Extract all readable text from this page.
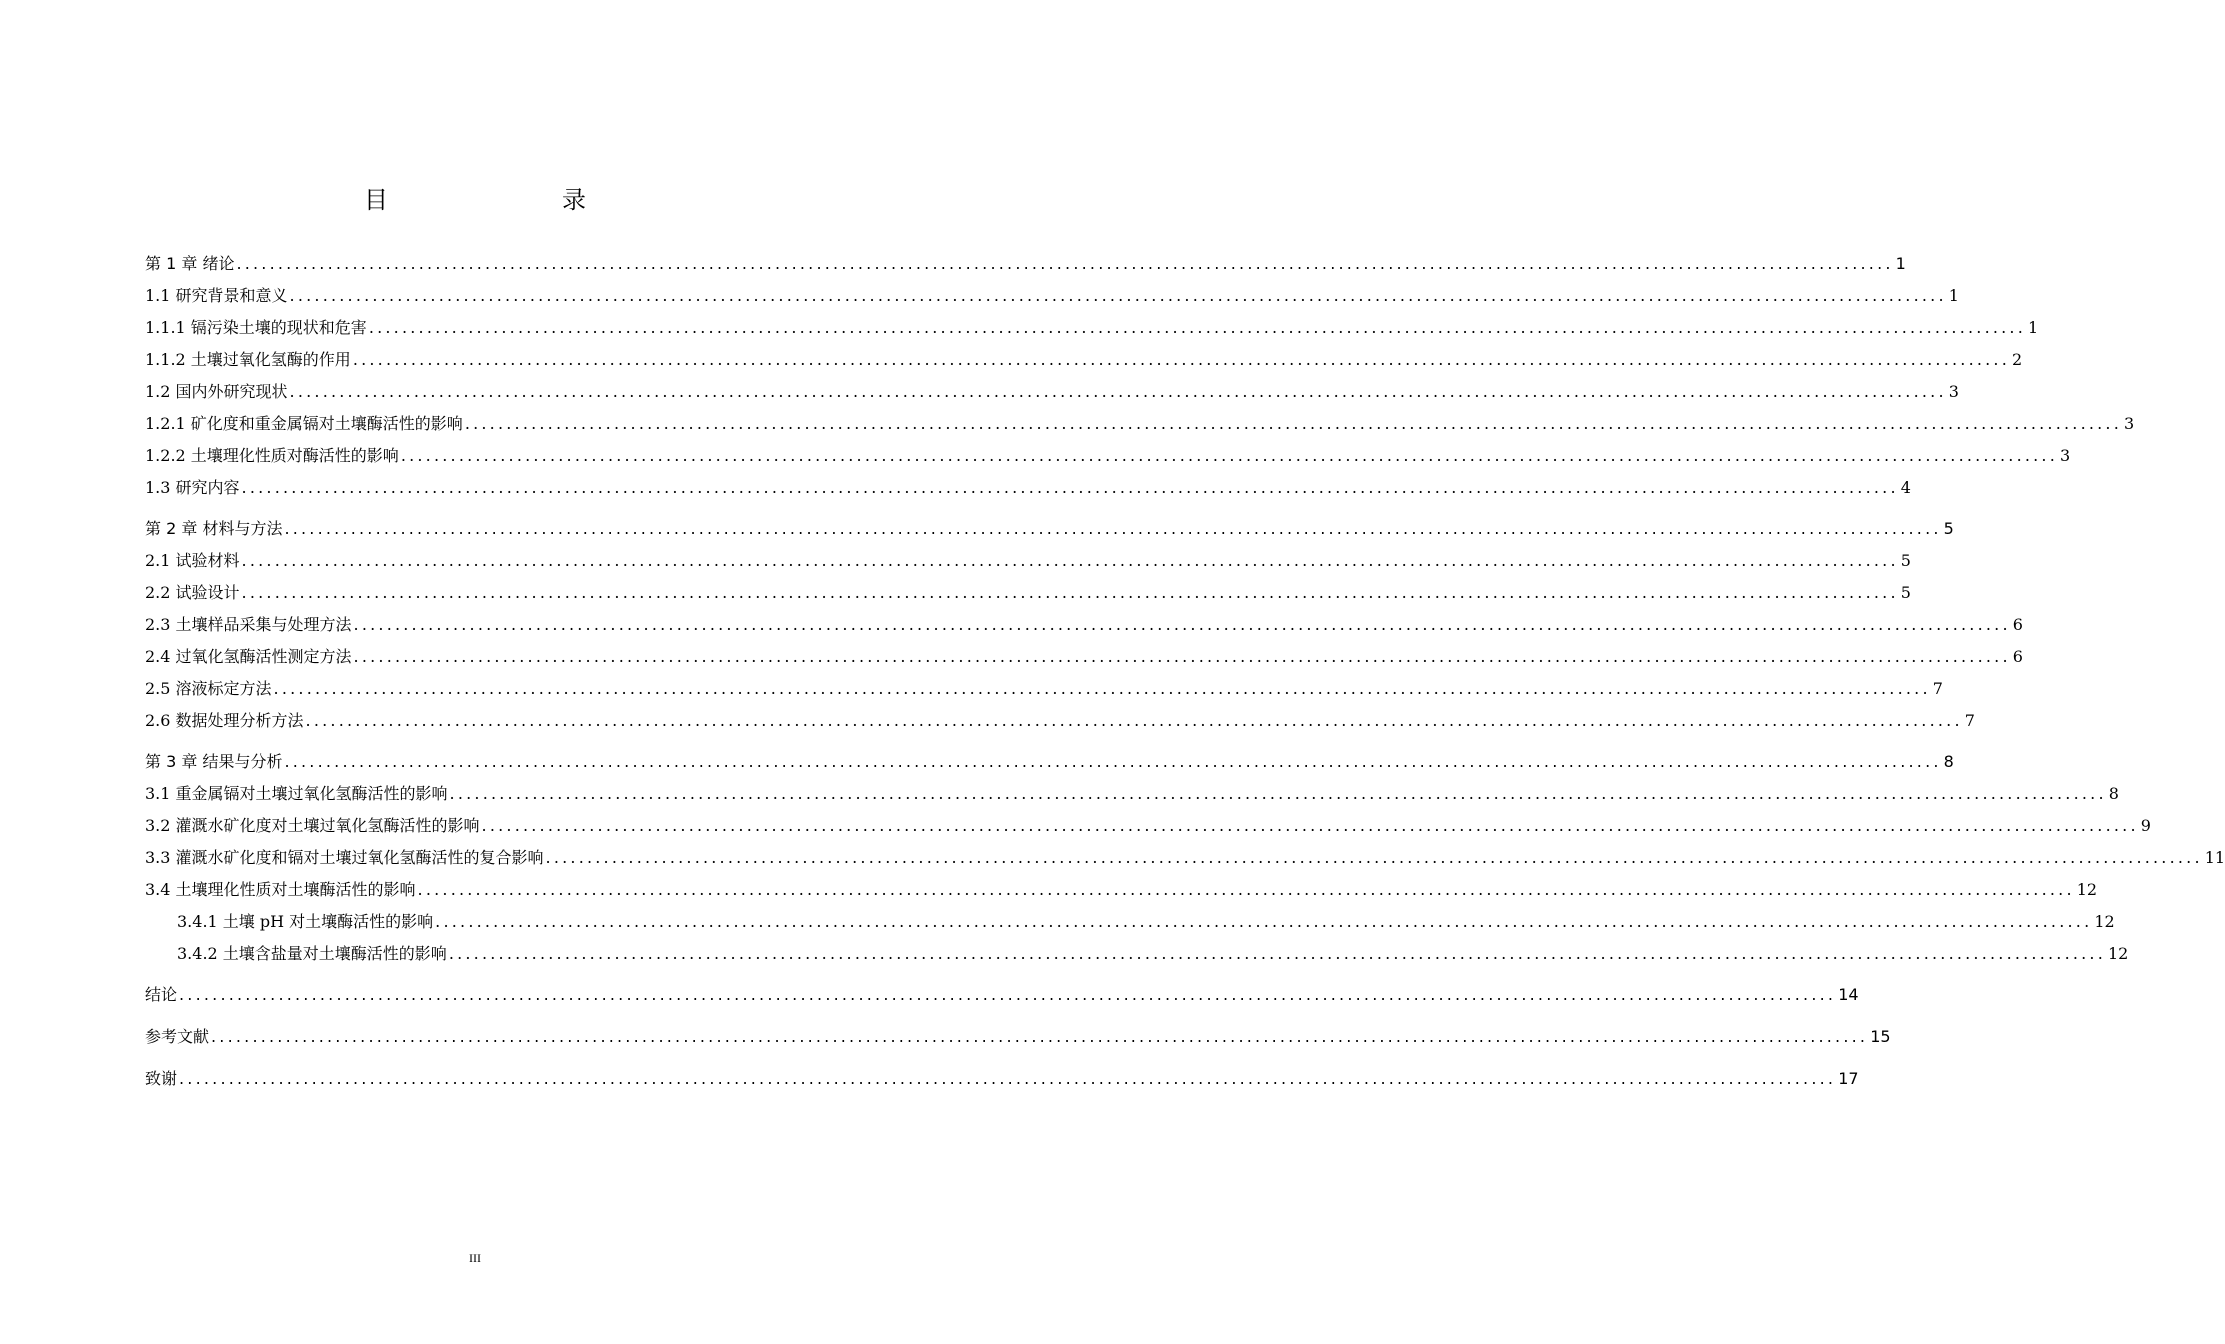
目　　录
第 1 章 绪论 ........................................................................................................................................................................................................ 1
1.1 研究背景和意义 ........................................................................................................................................................................................................ 1
1.1.1 镉污染土壤的现状和危害 ........................................................................................................................................................................................................ 1
1.1.2 土壤过氧化氢酶的作用 ........................................................................................................................................................................................................ 2
1.2 国内外研究现状 ........................................................................................................................................................................................................ 3
1.2.1 矿化度和重金属镉对土壤酶活性的影响 ........................................................................................................................................................................................................ 3
1.2.2 土壤理化性质对酶活性的影响 ........................................................................................................................................................................................................ 3
1.3 研究内容 ........................................................................................................................................................................................................ 4
第 2 章 材料与方法 ........................................................................................................................................................................................................ 5
2.1 试验材料 ........................................................................................................................................................................................................ 5
2.2 试验设计 ........................................................................................................................................................................................................ 5
2.3 土壤样品采集与处理方法 ........................................................................................................................................................................................................ 6
2.4 过氧化氢酶活性测定方法 ........................................................................................................................................................................................................ 6
2.5 溶液标定方法 ........................................................................................................................................................................................................ 7
2.6 数据处理分析方法 ........................................................................................................................................................................................................ 7
第 3 章 结果与分析 ........................................................................................................................................................................................................ 8
3.1 重金属镉对土壤过氧化氢酶活性的影响 ........................................................................................................................................................................................................ 8
3.2 灌溉水矿化度对土壤过氧化氢酶活性的影响 ........................................................................................................................................................................................................ 9
3.3 灌溉水矿化度和镉对土壤过氧化氢酶活性的复合影响 ........................................................................................................................................................................................................ 11
3.4 土壤理化性质对土壤酶活性的影响 ........................................................................................................................................................................................................ 12
3.4.1 土壤 pH 对土壤酶活性的影响 ........................................................................................................................................................................................................ 12
3.4.2 土壤含盐量对土壤酶活性的影响 ........................................................................................................................................................................................................ 12
结论 ........................................................................................................................................................................................................ 14
参考文献 ........................................................................................................................................................................................................ 15
致谢 ........................................................................................................................................................................................................ 17
III
